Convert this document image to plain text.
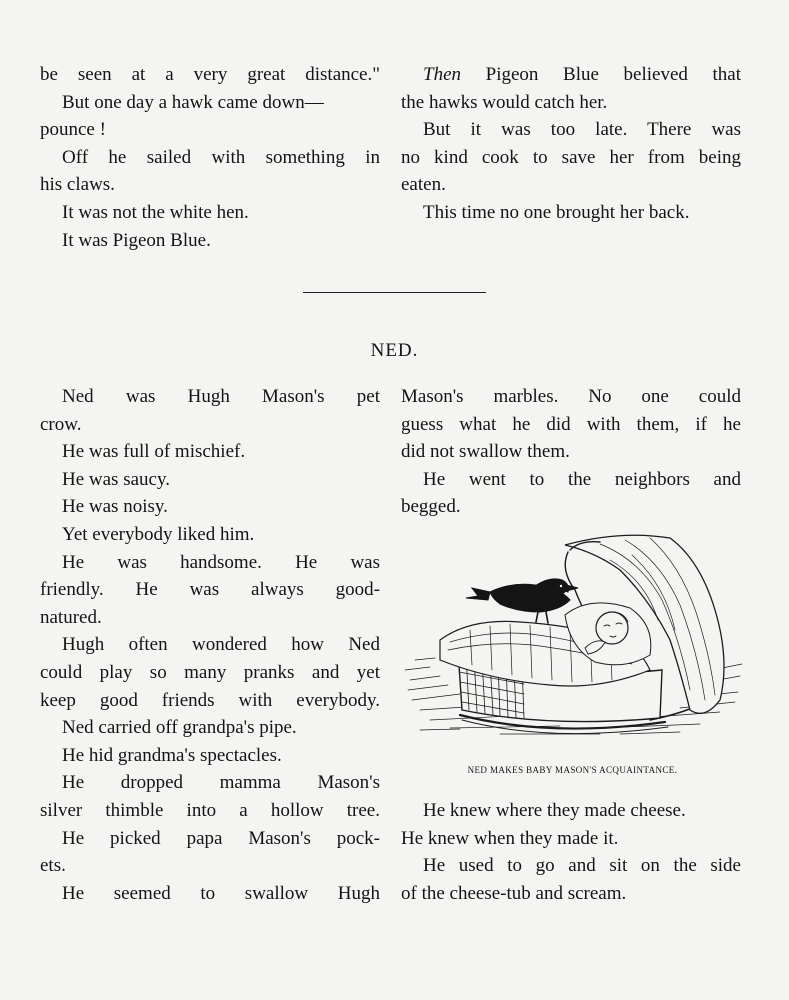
be seen at a very great distance."

But one day a hawk came down—

pounce !

Off he sailed with something in

his claws.

It was not the white hen.

It was Pigeon Blue.

Then Pigeon Blue believed that

the hawks would catch her.

But it was too late. There was

no kind cook to save her from being

eaten.

This time no one brought her back.

NED.

Ned was Hugh Mason's pet

crow.

He was full of mischief.

He was saucy.

He was noisy.

Yet everybody liked him.

He was handsome. He was

friendly. He was always good-

natured.

Hugh often wondered how Ned

could play so many pranks and yet

keep good friends with everybody.

Ned carried off grandpa's pipe.

He hid grandma's spectacles.

He dropped mamma Mason's

silver thimble into a hollow tree.

He picked papa Mason's pock-

ets.

He seemed to swallow Hugh

Mason's marbles. No one could

guess what he did with them, if he

did not swallow them.

He went to the neighbors and

begged.

NED MAKES BABY MASON'S ACQUAINTANCE.

He knew where they made cheese.

He knew when they made it.

He used to go and sit on the side

of the cheese-tub and scream.
